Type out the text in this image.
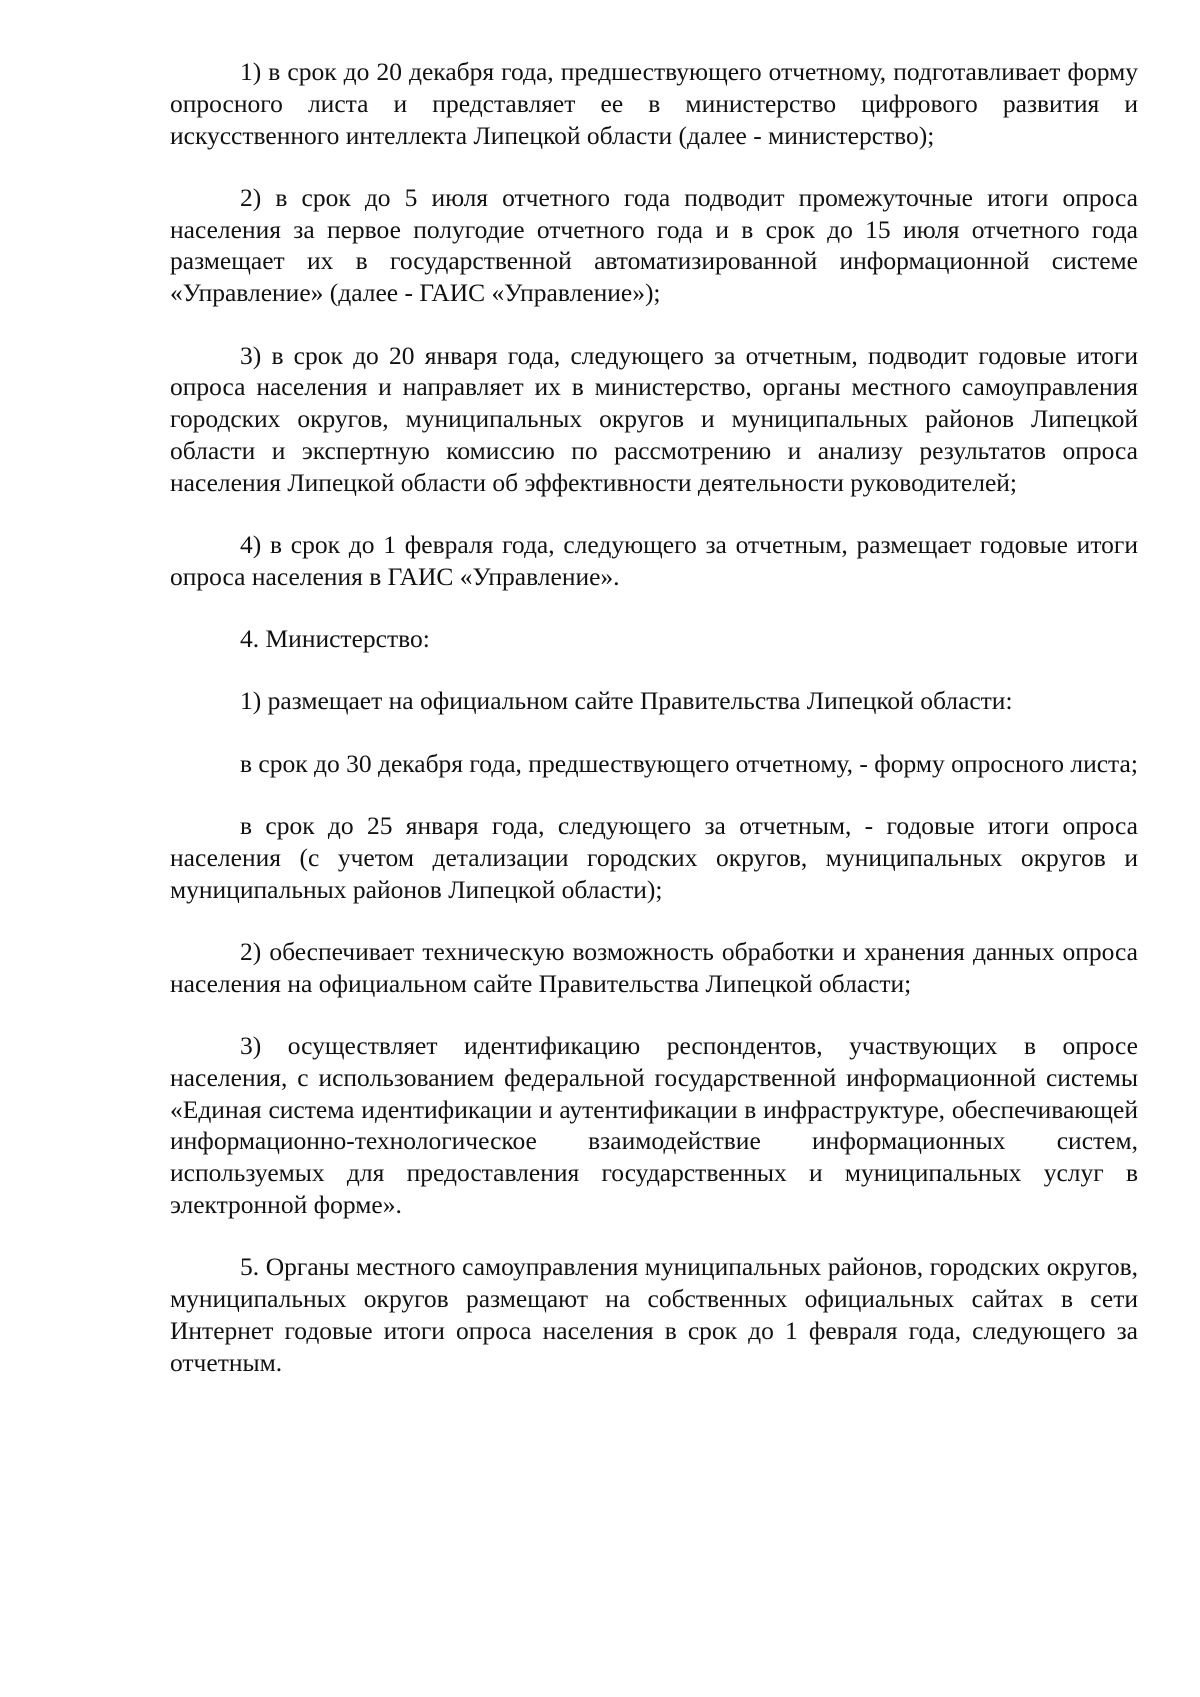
1) в срок до 20 декабря года, предшествующего отчетному, подготавливает форму опросного листа и представляет ее в министерство цифрового развития и искусственного интеллекта Липецкой области (далее - министерство);

2) в срок до 5 июля отчетного года подводит промежуточные итоги опроса населения за первое полугодие отчетного года и в срок до 15 июля отчетного года размещает их в государственной автоматизированной информационной системе «Управление» (далее - ГАИС «Управление»);

3) в срок до 20 января года, следующего за отчетным, подводит годовые итоги опроса населения и направляет их в министерство, органы местного самоуправления городских округов, муниципальных округов и муниципальных районов Липецкой области и экспертную комиссию по рассмотрению и анализу результатов опроса населения Липецкой области об эффективности деятельности руководителей;

4) в срок до 1 февраля года, следующего за отчетным, размещает годовые итоги опроса населения в ГАИС «Управление».

4. Министерство:

1) размещает на официальном сайте Правительства Липецкой области:

в срок до 30 декабря года, предшествующего отчетному, - форму опросного листа;

в срок до 25 января года, следующего за отчетным, - годовые итоги опроса населения (с учетом детализации городских округов, муниципальных округов и муниципальных районов Липецкой области);

2) обеспечивает техническую возможность обработки и хранения данных опроса населения на официальном сайте Правительства Липецкой области;

3) осуществляет идентификацию респондентов, участвующих в опросе населения, с использованием федеральной государственной информационной системы «Единая система идентификации и аутентификации в инфраструктуре, обеспечивающей информационно-технологическое взаимодействие информационных систем, используемых для предоставления государственных и муниципальных услуг в электронной форме».

5. Органы местного самоуправления муниципальных районов, городских округов, муниципальных округов размещают на собственных официальных сайтах в сети Интернет годовые итоги опроса населения в срок до 1 февраля года, следующего за отчетным.
